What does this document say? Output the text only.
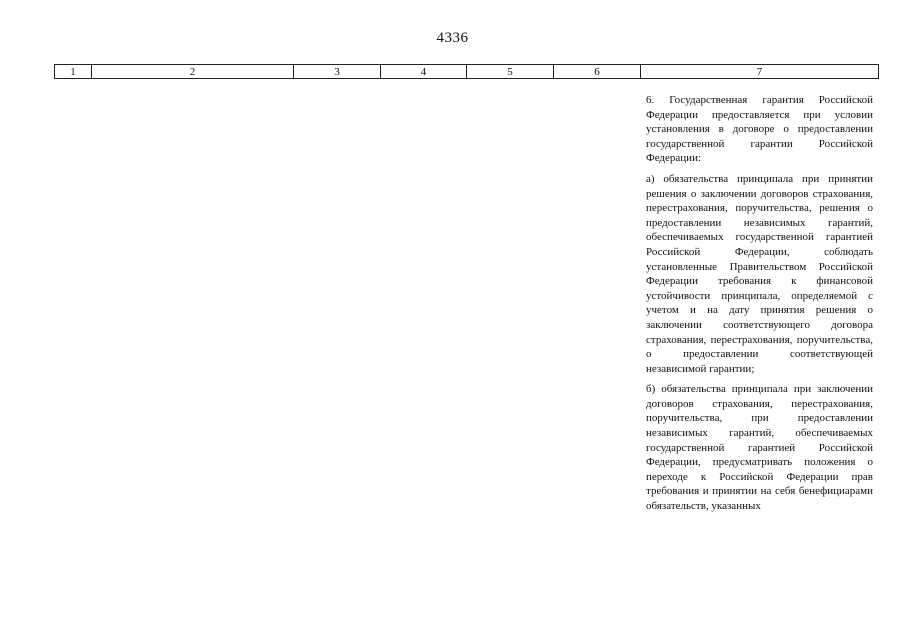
4336
1	2	3	4	5	6	7

6. Государственная гарантия Российской Федерации предоставляется при условии установления в договоре о предоставлении государственной гарантии Российской Федерации:

а) обязательства принципала при принятии решения о заключении договоров страхования, перестрахования, поручительства, решения о предоставлении независимых гарантий, обеспечиваемых государственной гарантией Российской Федерации, соблюдать установленные Правительством Российской Федерации требования к финансовой устойчивости принципала, определяемой с учетом и на дату принятия решения о заключении соответствующего договора страхования, перестрахования, поручительства, о предоставлении соответствующей независимой гарантии;

б) обязательства принципала при заключении договоров страхования, перестрахования, поручительства, при предоставлении независимых гарантий, обеспечиваемых государственной гарантией Российской Федерации, предусматривать положения о переходе к Российской Федерации прав требования и принятии на себя бенефициарами обязательств, указанных
